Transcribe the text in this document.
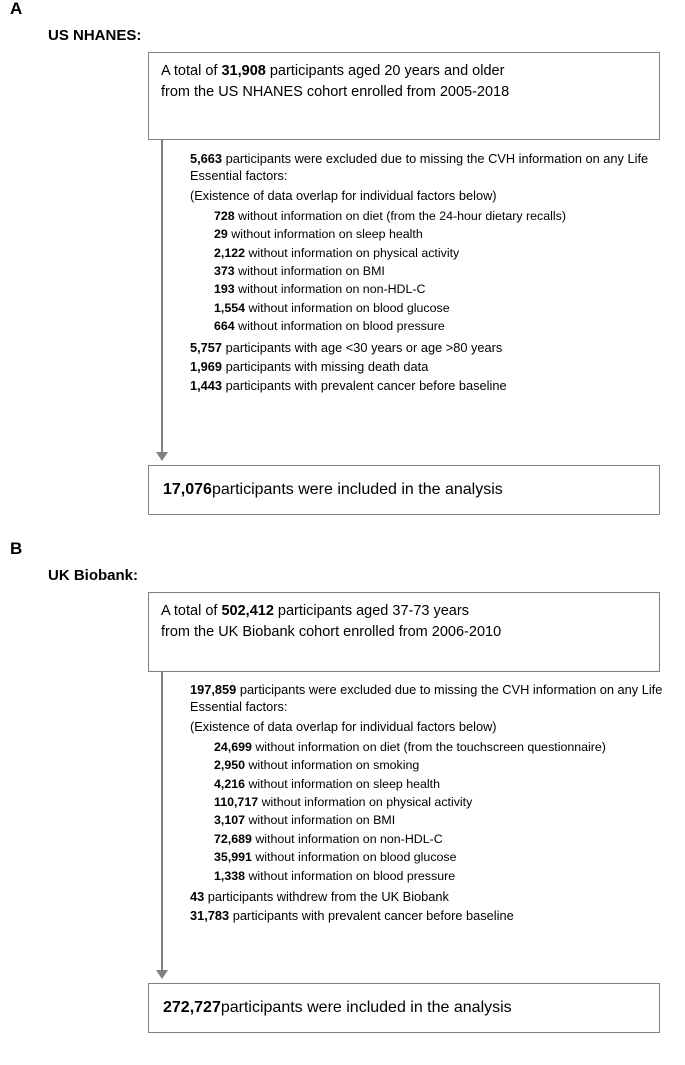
A
US NHANES:
A total of 31,908 participants aged 20 years and older
from the US NHANES cohort enrolled from 2005-2018
5,663 participants were excluded due to missing the CVH information on any Life Essential factors:
(Existence of data overlap for individual factors below)
728 without information on diet (from the 24-hour dietary recalls)
29 without information on sleep health
2,122 without information on physical activity
373 without information on BMI
193 without information on non-HDL-C
1,554 without information on blood glucose
664 without information on blood pressure
5,757 participants with age <30 years or age >80 years
1,969 participants with missing death data
1,443 participants with prevalent cancer before baseline
17,076 participants were included in the analysis
B
UK Biobank:
A total of 502,412 participants aged 37-73 years
from the UK Biobank cohort enrolled from 2006-2010
197,859 participants were excluded due to missing the CVH information on any Life Essential factors:
(Existence of data overlap for individual factors below)
24,699 without information on diet (from the touchscreen questionnaire)
2,950 without information on smoking
4,216 without information on sleep health
110,717 without information on physical activity
3,107 without information on BMI
72,689 without information on non-HDL-C
35,991 without information on blood glucose
1,338 without information on blood pressure
43 participants withdrew from the UK Biobank
31,783 participants with prevalent cancer before baseline
272,727 participants were included in the analysis
